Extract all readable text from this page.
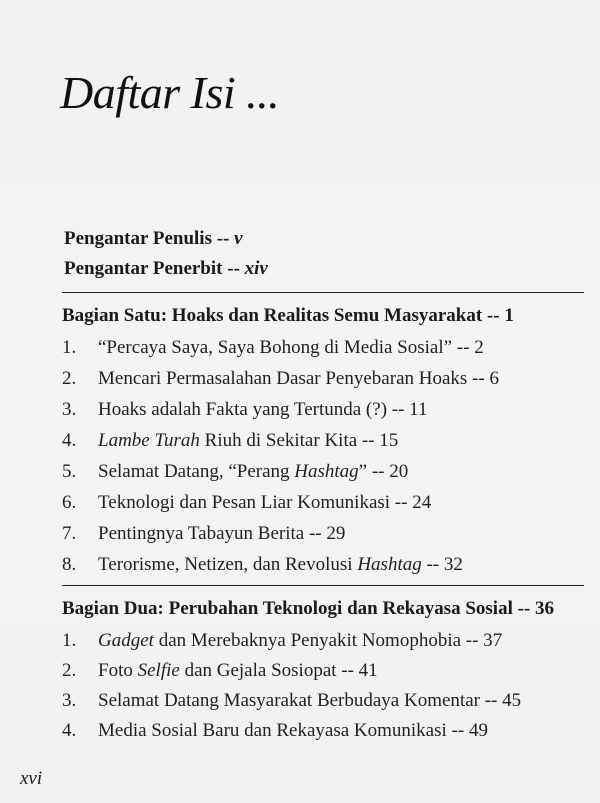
Daftar Isi ...
Pengantar Penulis -- v
Pengantar Penerbit -- xiv
Bagian Satu: Hoaks dan Realitas Semu Masyarakat -- 1
1. “Percaya Saya, Saya Bohong di Media Sosial” -- 2
2. Mencari Permasalahan Dasar Penyebaran Hoaks -- 6
3. Hoaks adalah Fakta yang Tertunda (?) -- 11
4. Lambe Turah Riuh di Sekitar Kita -- 15
5. Selamat Datang, “Perang Hashtag” -- 20
6. Teknologi dan Pesan Liar Komunikasi -- 24
7. Pentingnya Tabayun Berita -- 29
8. Terorisme, Netizen, dan Revolusi Hashtag -- 32
Bagian Dua: Perubahan Teknologi dan Rekayasa Sosial -- 36
1. Gadget dan Merebaknya Penyakit Nomophobia -- 37
2. Foto Selfie dan Gejala Sosiopat -- 41
3. Selamat Datang Masyarakat Berbudaya Komentar -- 45
4. Media Sosial Baru dan Rekayasa Komunikasi -- 49
xvi
